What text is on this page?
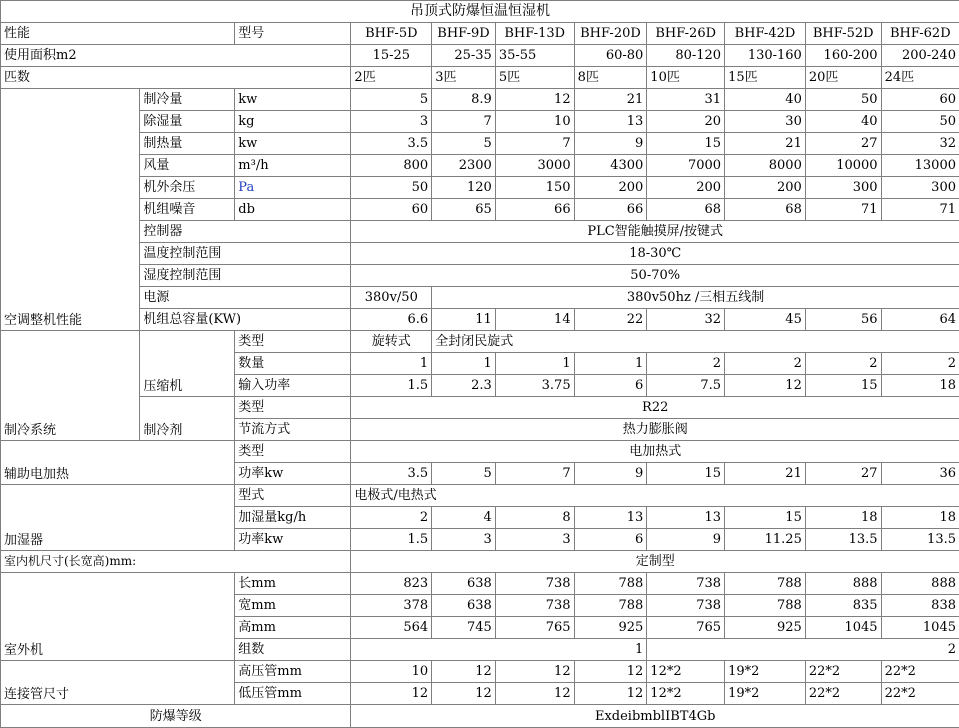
吊顶式防爆恒温恒湿机										
性能		型号	BHF-5D	BHF-9D	BHF-13D	BHF-20D	BHF-26D	BHF-42D	BHF-52D	BHF-62D
使用面积m2			15-25	25-35	35-55	60-80	80-120	130-160	160-200	200-240
匹数			2匹	3匹	5匹	8匹	10匹	15匹	20匹	24匹
空调整机性能	制冷量	kw	5	8.9	12	21	31	40	50	60
	除湿量	kg	3	7	10	13	20	30	40	50
	制热量	kw	3.5	5	7	9	15	21	27	32
	风量	m³/h	800	2300	3000	4300	7000	8000	10000	13000
	机外余压	Pa	50	120	150	200	200	200	300	300
	机组噪音	db	60	65	66	66	68	68	71	71
	控制器		PLC智能触摸屏/按键式							
	温度控制范围		18-30℃							
	湿度控制范围		50-70%							
	电源		380v/50	380v50hz /三相五线制						
	机组总容量(KW)		6.6	11	14	22	32	45	56	64
制冷系统	压缩机	类型	旋转式	全封闭民旋式						
		数量	1	1	1	1	2	2	2	2
		输入功率	1.5	2.3	3.75	6	7.5	12	15	18
	制冷剂	类型	R22							
		节流方式	热力膨胀阀							
辅助电加热		类型	电加热式							
		功率kw	3.5	5	7	9	15	21	27	36
加湿器		型式	电极式/电热式							
		加湿量kg/h	2	4	8	13	13	15	18	18
		功率kw	1.5	3	3	6	9	11.25	13.5	13.5
室内机尺寸(长宽高)mm:			定制型							
室外机		长mm	823	638	738	788	738	788	888	888
		宽mm	378	638	738	788	738	788	835	838
		高mm	564	745	765	925	765	925	1045	1045
		组数	1				2			
连接管尺寸		高压管mm	10	12	12	12	12*2	19*2	22*2	22*2
		低压管mm	12	12	12	12	12*2	19*2	22*2	22*2
防爆等级			ExdeibmblIBT4Gb							
